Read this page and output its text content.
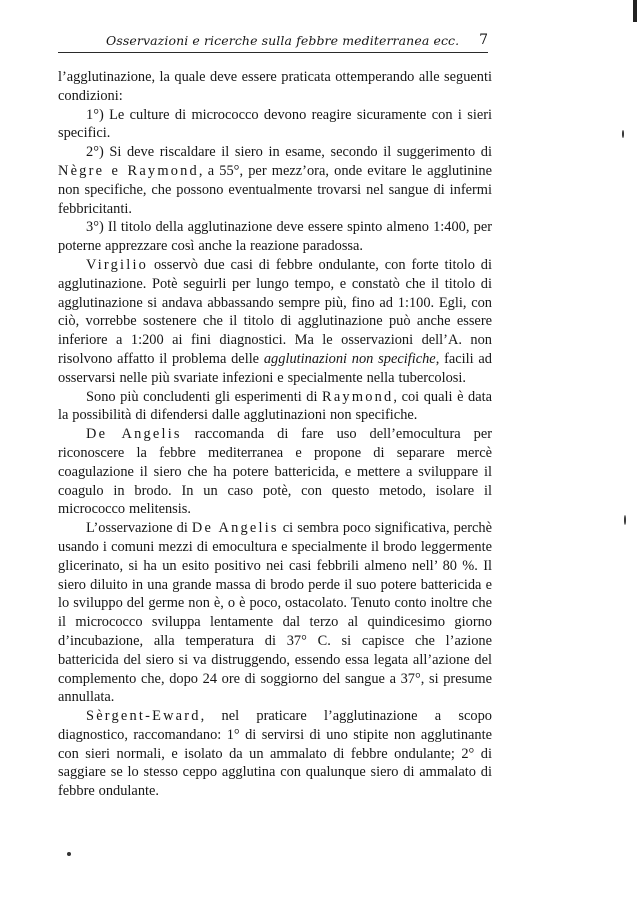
Osservazioni e ricerche sulla febbre mediterranea ecc. 7

l’agglutinazione, la quale deve essere praticata ottemperando alle seguenti condizioni:

1°) Le culture di micrococco devono reagire sicuramente con i sieri specifici.

2°) Si deve riscaldare il siero in esame, secondo il suggerimento di Nègre e Raymond, a 55°, per mezz’ora, onde evitare le agglutinine non specifiche, che possono eventualmente trovarsi nel sangue di infermi febbricitanti.

3°) Il titolo della agglutinazione deve essere spinto almeno 1:400, per poterne apprezzare così anche la reazione paradossa.

Virgilio osservò due casi di febbre ondulante, con forte titolo di agglutinazione. Potè seguirli per lungo tempo, e constatò che il titolo di agglutinazione si andava abbassando sempre più, fino ad 1:100. Egli, con ciò, vorrebbe sostenere che il titolo di agglutinazione può anche essere inferiore a 1:200 ai fini diagnostici. Ma le osservazioni dell’A. non risolvono affatto il problema delle agglutinazioni non specifiche, facili ad osservarsi nelle più svariate infezioni e specialmente nella tubercolosi.

Sono più concludenti gli esperimenti di Raymond, coi quali è data la possibilità di difendersi dalle agglutinazioni non specifiche.

De Angelis raccomanda di fare uso dell’emocultura per riconoscere la febbre mediterranea e propone di separare mercè coagulazione il siero che ha potere battericida, e mettere a sviluppare il coagulo in brodo. In un caso potè, con questo metodo, isolare il micrococco melitensis.

L’osservazione di De Angelis ci sembra poco significativa, perchè usando i comuni mezzi di emocultura e specialmente il brodo leggermente glicerinato, si ha un esito positivo nei casi febbrili almeno nell’ 80 %. Il siero diluito in una grande massa di brodo perde il suo potere battericida e lo sviluppo del germe non è, o è poco, ostacolato. Tenuto conto inoltre che il micrococco sviluppa lentamente dal terzo al quindicesimo giorno d’incubazione, alla temperatura di 37° C. si capisce che l’azione battericida del siero si va distruggendo, essendo essa legata all’azione del complemento che, dopo 24 ore di soggiorno del sangue a 37°, si presume annullata.

Sèrgent-Eward, nel praticare l’agglutinazione a scopo diagnostico, raccomandano: 1° di servirsi di uno stipite non agglutinante con sieri normali, e isolato da un ammalato di febbre ondulante; 2° di saggiare se lo stesso ceppo agglutina con qualunque siero di ammalato di febbre ondulante.
